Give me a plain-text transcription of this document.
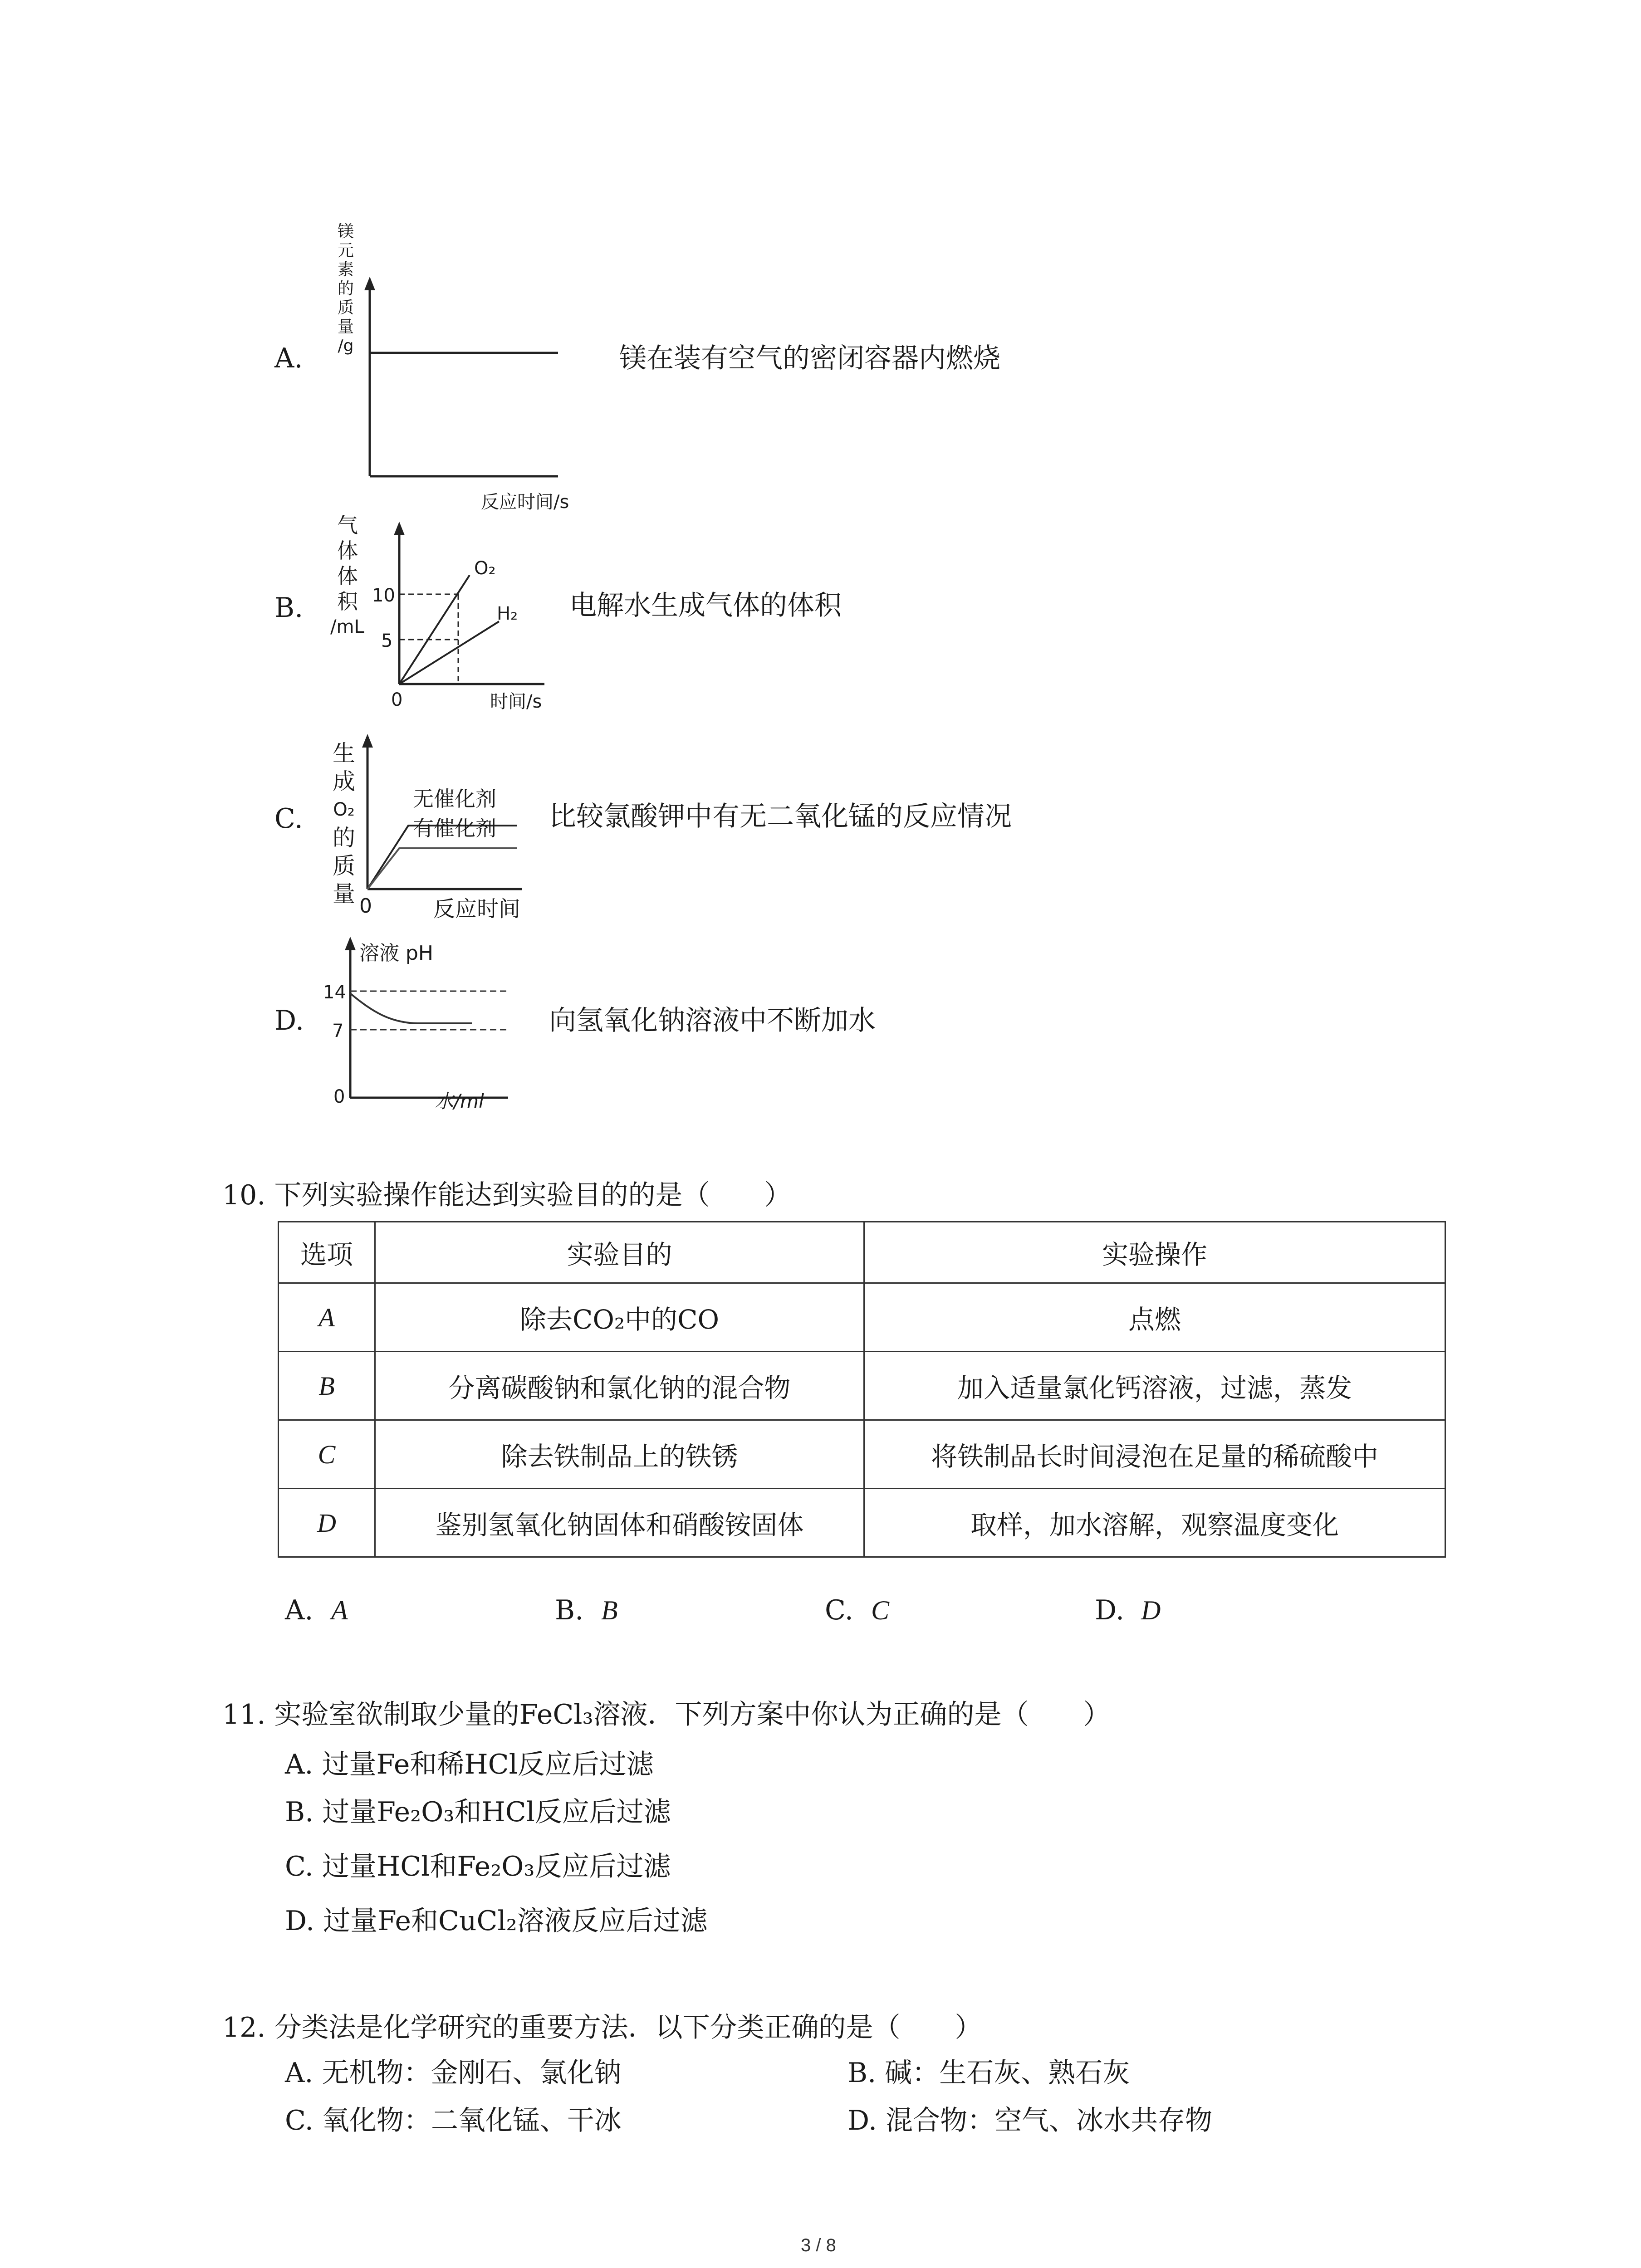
A.
镁
元
素
的
质
量
/g
反应时间/s
镁在装有空气的密闭容器内燃烧
B.
气
体
体
积
/mL
10
5
0	时间/s
O₂
H₂ 电解水生成气体的体积
C.
生
成
O₂
的
质
量 0	反应时间
无催化剂
有催化剂 比较氯酸钾中有无二氧化锰的反应情况
D.
溶液 pH
14
7
0	水/ml
向氢氧化钠溶液中不断加水
10. 下列实验操作能达到实验目的的是（　　）
选项	实验目的	实验操作
A	除去CO₂中的CO	点燃
B	分离碳酸钠和氯化钠的混合物	加入适量氯化钙溶液，过滤，蒸发
C	除去铁制品上的铁锈	将铁制品长时间浸泡在足量的稀硫酸中
D	鉴别氢氧化钠固体和硝酸铵固体	取样，加水溶解，观察温度变化
A. A	B. B	C. C	D. D
11. 实验室欲制取少量的FeCl₃溶液．下列方案中你认为正确的是（　　）
A. 过量Fe和稀HCl反应后过滤
B. 过量Fe₂O₃和HCl反应后过滤
C. 过量HCl和Fe₂O₃反应后过滤
D. 过量Fe和CuCl₂溶液反应后过滤
12. 分类法是化学研究的重要方法．以下分类正确的是（　　）
A. 无机物：金刚石、氯化钠	B. 碱：生石灰、熟石灰
C. 氧化物：二氧化锰、干冰	D. 混合物：空气、冰水共存物
3 / 8
